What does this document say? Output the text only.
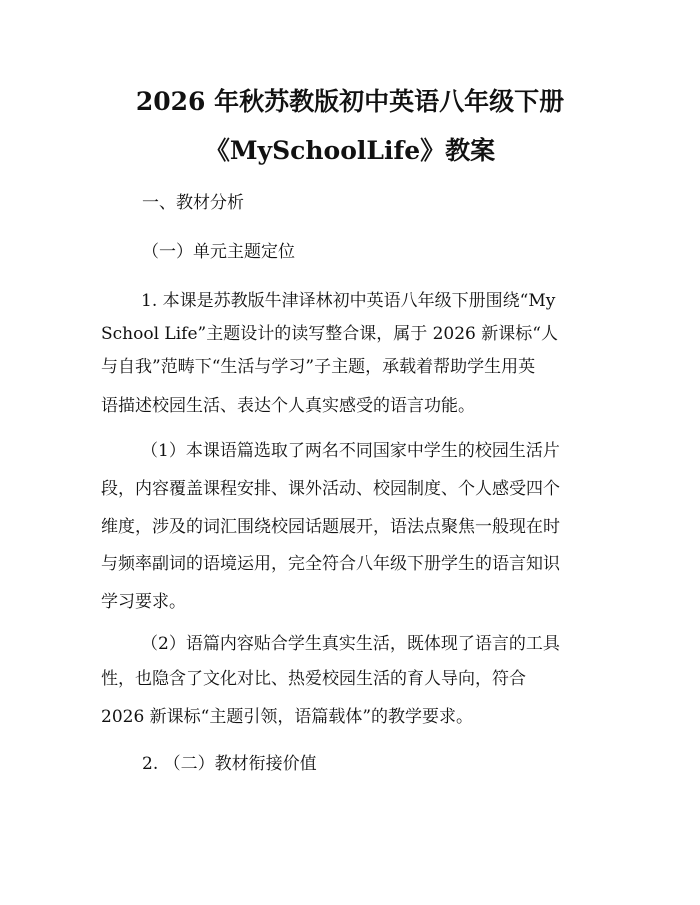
2026 年秋苏教版初中英语八年级下册
《MySchoolLife》教案
一、教材分析
（一）单元主题定位
1. 本课是苏教版牛津译林初中英语八年级下册围绕“My
School Life”主题设计的读写整合课，属于 2026 新课标“人
与自我”范畴下“生活与学习”子主题，承载着帮助学生用英
语描述校园生活、表达个人真实感受的语言功能。
（1）本课语篇选取了两名不同国家中学生的校园生活片
段，内容覆盖课程安排、课外活动、校园制度、个人感受四个
维度，涉及的词汇围绕校园话题展开，语法点聚焦一般现在时
与频率副词的语境运用，完全符合八年级下册学生的语言知识
学习要求。
（2）语篇内容贴合学生真实生活，既体现了语言的工具
性，也隐含了文化对比、热爱校园生活的育人导向，符合
2026 新课标“主题引领，语篇载体”的教学要求。
2. （二）教材衔接价值
